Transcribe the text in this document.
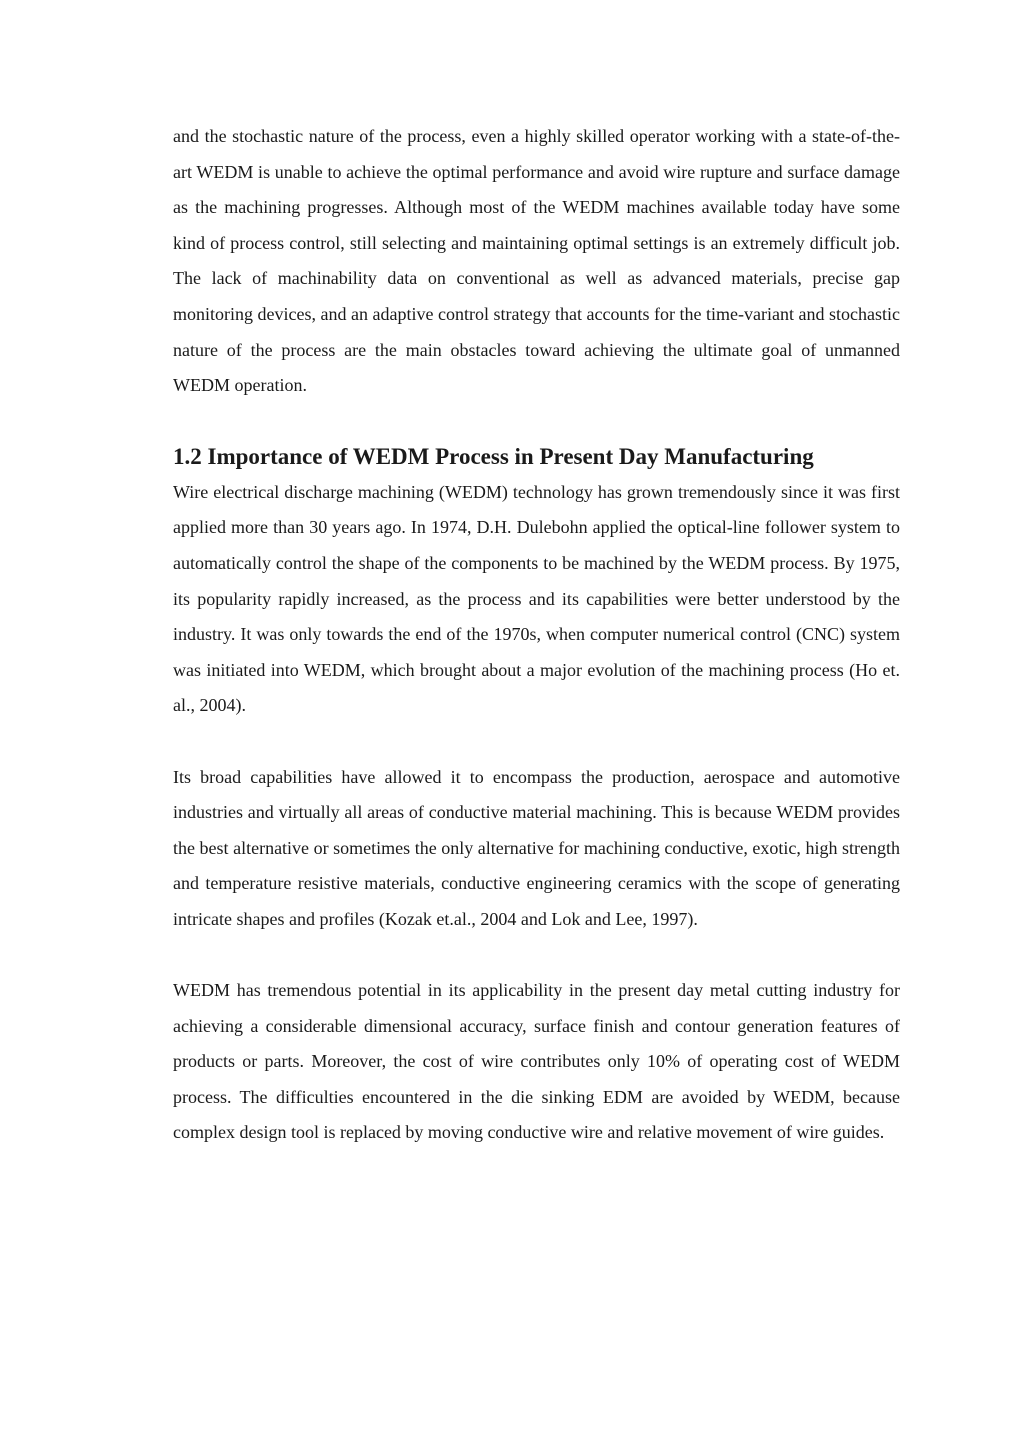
and the stochastic nature of the process, even a highly skilled operator working with a state-of-the-art WEDM is unable to achieve the optimal performance and avoid wire rupture and surface damage as the machining progresses. Although most of the WEDM machines available today have some kind of process control, still selecting and maintaining optimal settings is an extremely difficult job. The lack of machinability data on conventional as well as advanced materials, precise gap monitoring devices, and an adaptive control strategy that accounts for the time-variant and stochastic nature of the process are the main obstacles toward achieving the ultimate goal of unmanned WEDM operation.

1.2 Importance of WEDM Process in Present Day Manufacturing

Wire electrical discharge machining (WEDM) technology has grown tremendously since it was first applied more than 30 years ago. In 1974, D.H. Dulebohn applied the optical-line follower system to automatically control the shape of the components to be machined by the WEDM process. By 1975, its popularity rapidly increased, as the process and its capabilities were better understood by the industry. It was only towards the end of the 1970s, when computer numerical control (CNC) system was initiated into WEDM, which brought about a major evolution of the machining process (Ho et. al., 2004).

Its broad capabilities have allowed it to encompass the production, aerospace and automotive industries and virtually all areas of conductive material machining. This is because WEDM provides the best alternative or sometimes the only alternative for machining conductive, exotic, high strength and temperature resistive materials, conductive engineering ceramics with the scope of generating intricate shapes and profiles (Kozak et.al., 2004 and Lok and Lee, 1997).

WEDM has tremendous potential in its applicability in the present day metal cutting industry for achieving a considerable dimensional accuracy, surface finish and contour generation features of products or parts. Moreover, the cost of wire contributes only 10% of operating cost of WEDM process. The difficulties encountered in the die sinking EDM are avoided by WEDM, because complex design tool is replaced by moving conductive wire and relative movement of wire guides.
